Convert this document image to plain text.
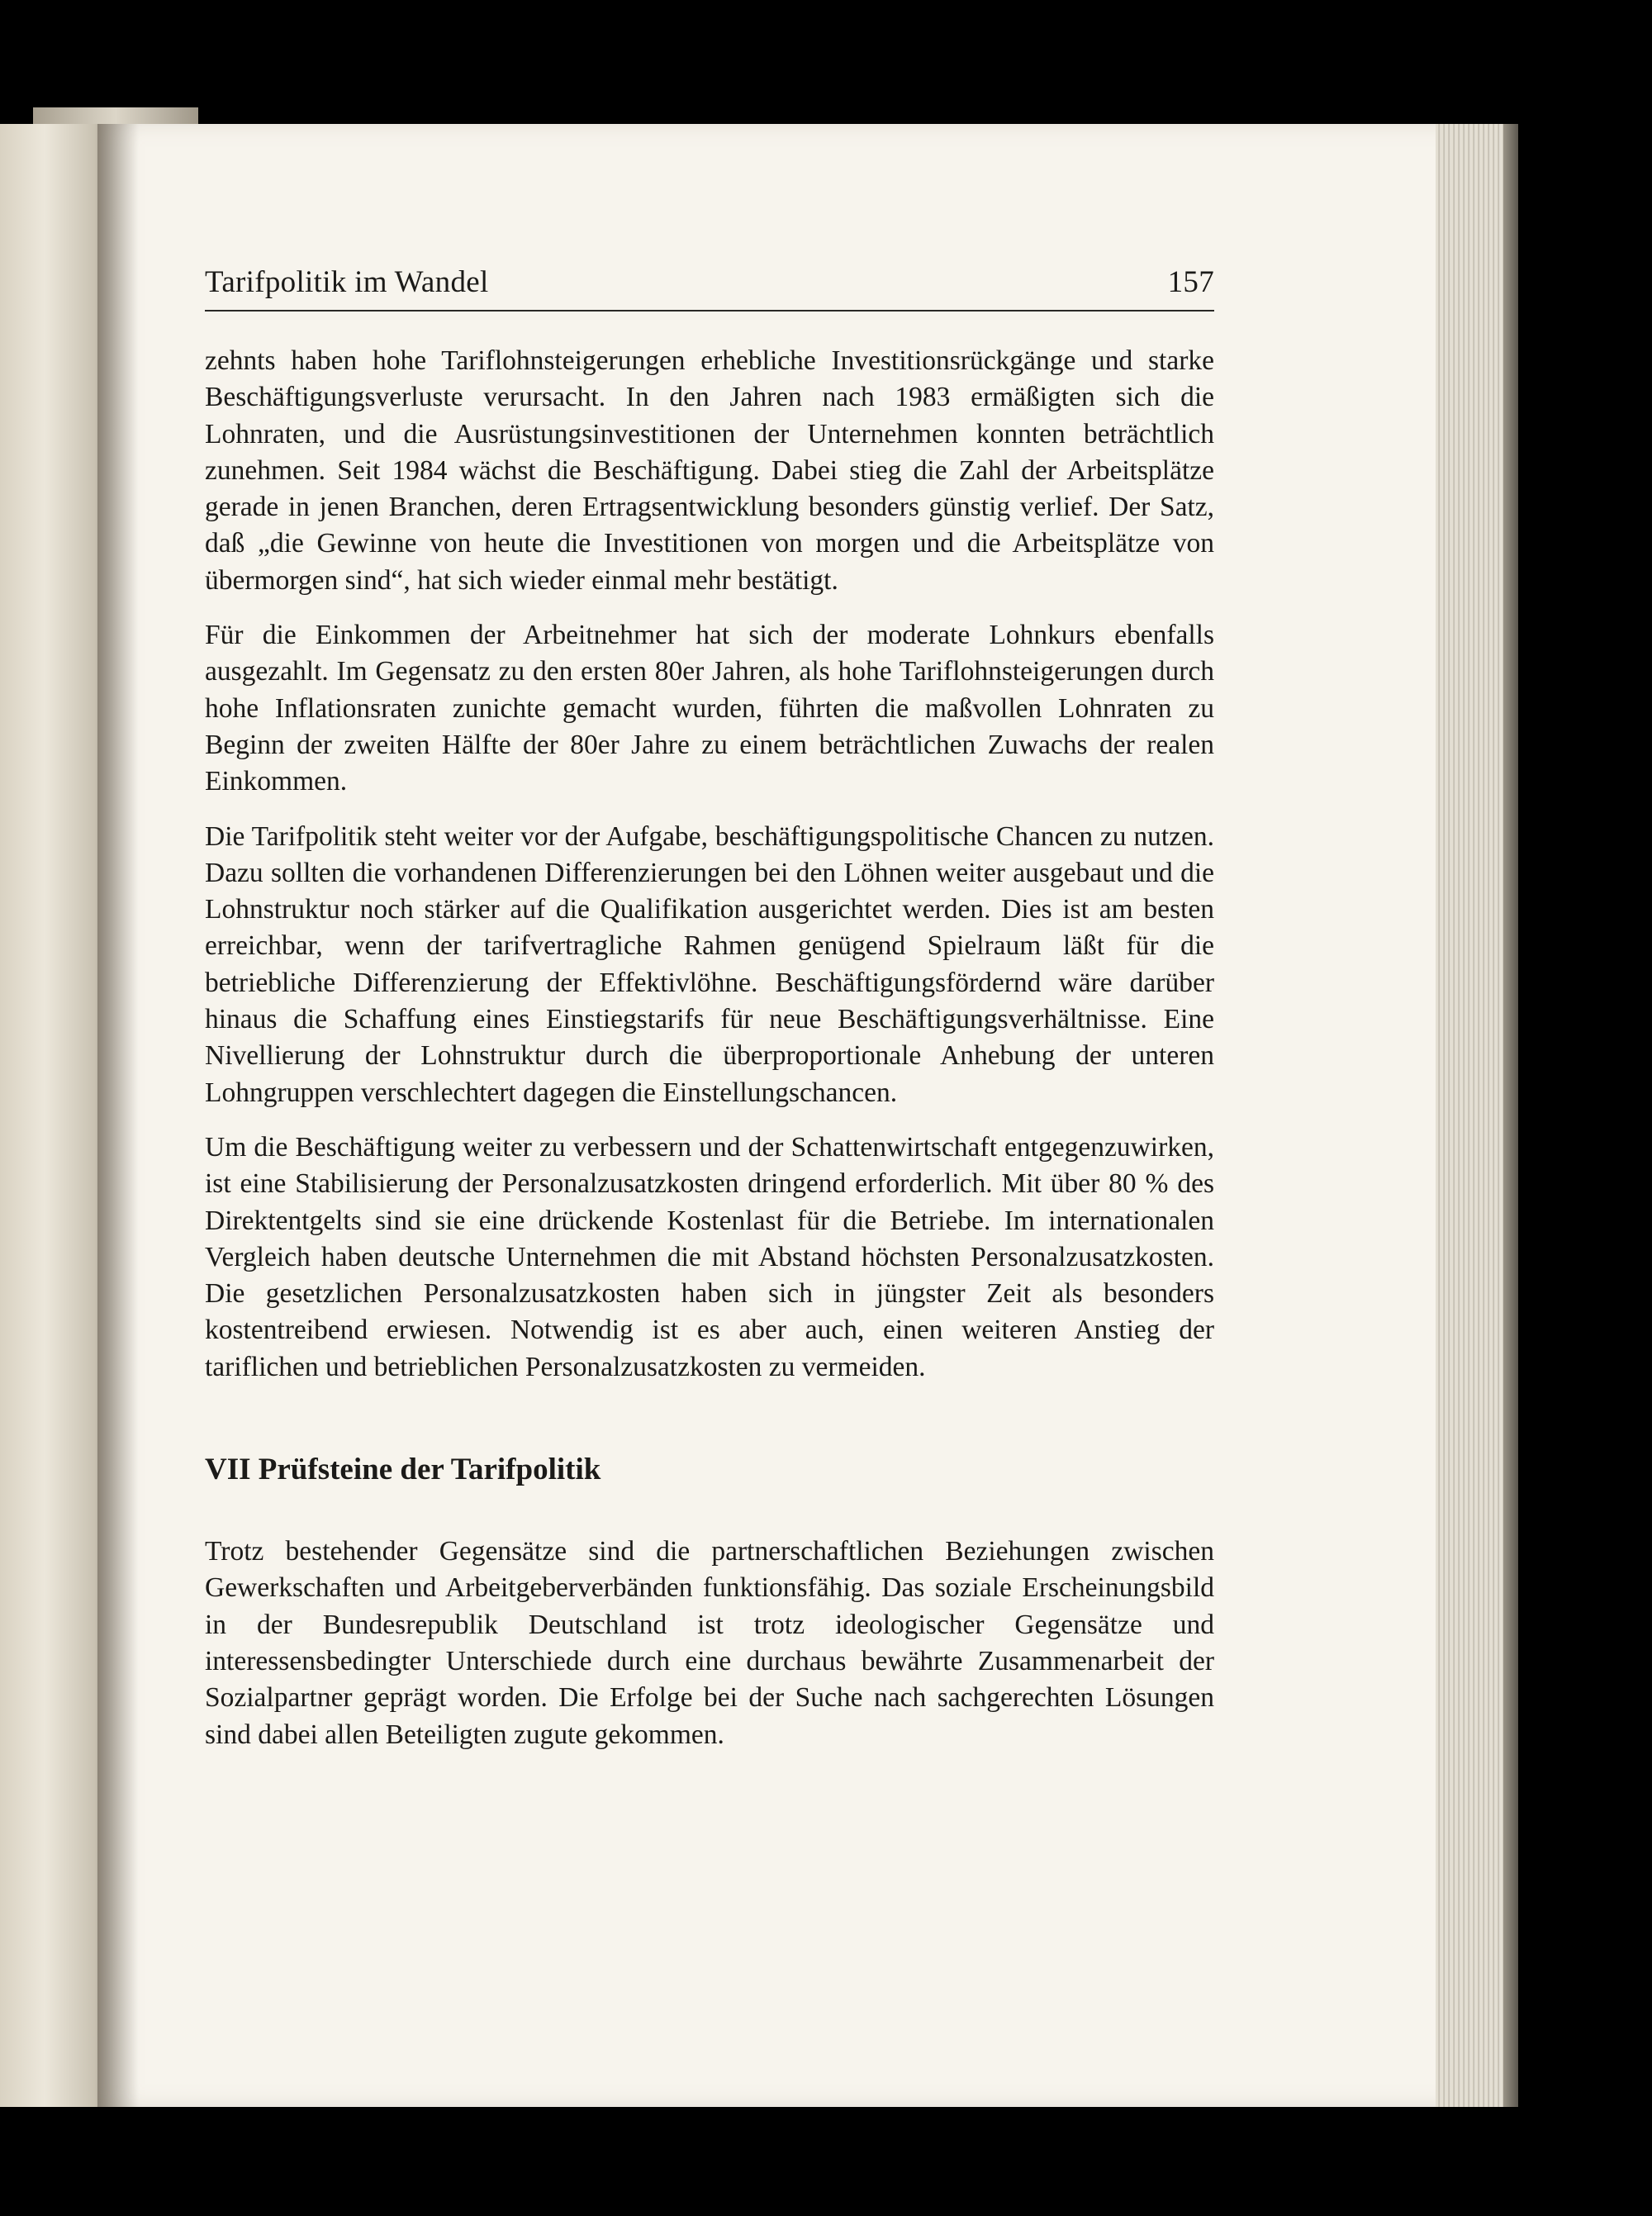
Tarifpolitik im Wandel	157

zehnts haben hohe Tariflohnsteigerungen erhebliche Investitionsrückgänge und starke Beschäftigungsverluste verursacht. In den Jahren nach 1983 ermäßigten sich die Lohnraten, und die Ausrüstungsinvestitionen der Unternehmen konnten beträchtlich zunehmen. Seit 1984 wächst die Beschäftigung. Dabei stieg die Zahl der Arbeitsplätze gerade in jenen Branchen, deren Ertragsentwicklung besonders günstig verlief. Der Satz, daß „die Gewinne von heute die Investitionen von morgen und die Arbeitsplätze von übermorgen sind“, hat sich wieder einmal mehr bestätigt.

Für die Einkommen der Arbeitnehmer hat sich der moderate Lohnkurs ebenfalls ausgezahlt. Im Gegensatz zu den ersten 80er Jahren, als hohe Tariflohnsteigerungen durch hohe Inflationsraten zunichte gemacht wurden, führten die maßvollen Lohnraten zu Beginn der zweiten Hälfte der 80er Jahre zu einem beträchtlichen Zuwachs der realen Einkommen.

Die Tarifpolitik steht weiter vor der Aufgabe, beschäftigungspolitische Chancen zu nutzen. Dazu sollten die vorhandenen Differenzierungen bei den Löhnen weiter ausgebaut und die Lohnstruktur noch stärker auf die Qualifikation ausgerichtet werden. Dies ist am besten erreichbar, wenn der tarifvertragliche Rahmen genügend Spielraum läßt für die betriebliche Differenzierung der Effektivlöhne. Beschäftigungsfördernd wäre darüber hinaus die Schaffung eines Einstiegstarifs für neue Beschäftigungsverhältnisse. Eine Nivellierung der Lohnstruktur durch die überproportionale Anhebung der unteren Lohngruppen verschlechtert dagegen die Einstellungschancen.

Um die Beschäftigung weiter zu verbessern und der Schattenwirtschaft entgegenzuwirken, ist eine Stabilisierung der Personalzusatzkosten dringend erforderlich. Mit über 80 % des Direktentgelts sind sie eine drückende Kostenlast für die Betriebe. Im internationalen Vergleich haben deutsche Unternehmen die mit Abstand höchsten Personalzusatzkosten. Die gesetzlichen Personalzusatzkosten haben sich in jüngster Zeit als besonders kostentreibend erwiesen. Notwendig ist es aber auch, einen weiteren Anstieg der tariflichen und betrieblichen Personalzusatzkosten zu vermeiden.

VII Prüfsteine der Tarifpolitik

Trotz bestehender Gegensätze sind die partnerschaftlichen Beziehungen zwischen Gewerkschaften und Arbeitgeberverbänden funktionsfähig. Das soziale Erscheinungsbild in der Bundesrepublik Deutschland ist trotz ideologischer Gegensätze und interessensbedingter Unterschiede durch eine durchaus bewährte Zusammenarbeit der Sozialpartner geprägt worden. Die Erfolge bei der Suche nach sachgerechten Lösungen sind dabei allen Beteiligten zugute gekommen.
